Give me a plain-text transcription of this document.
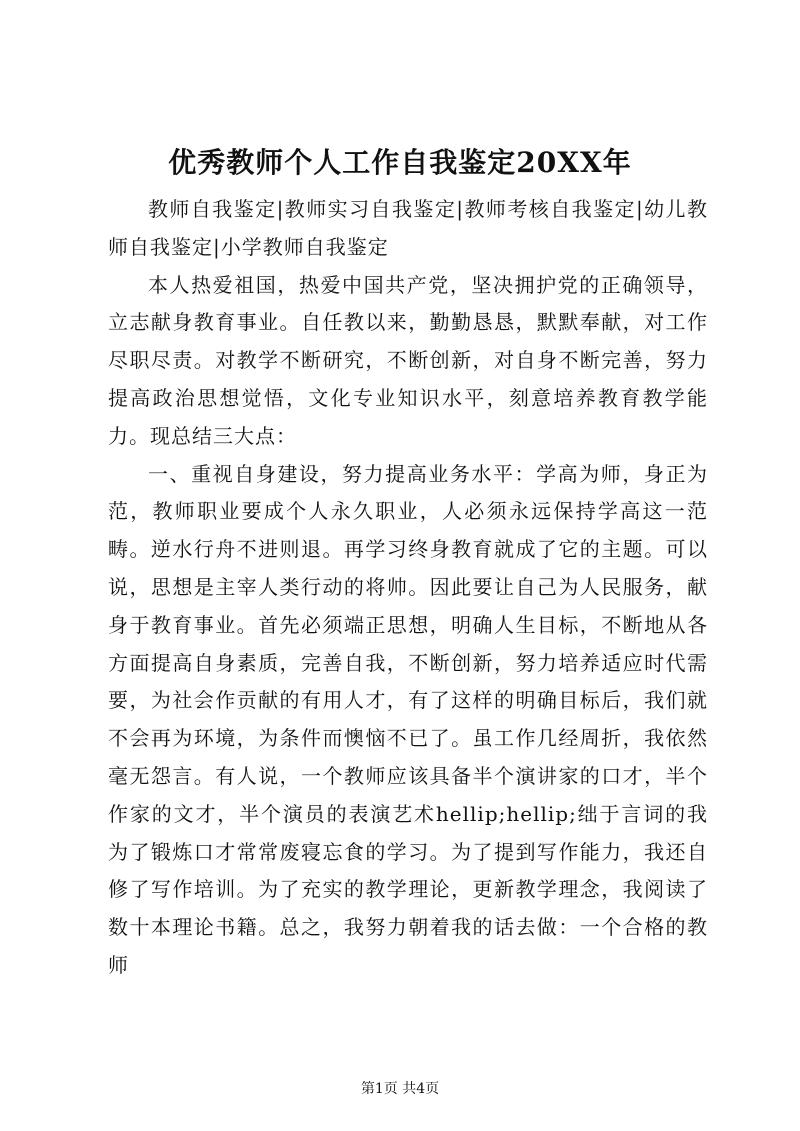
优秀教师个人工作自我鉴定20XX年

教师自我鉴定|教师实习自我鉴定|教师考核自我鉴定|幼儿教师自我鉴定|小学教师自我鉴定

本人热爱祖国，热爱中国共产党，坚决拥护党的正确领导，立志献身教育事业。自任教以来，勤勤恳恳，默默奉献，对工作尽职尽责。对教学不断研究，不断创新，对自身不断完善，努力提高政治思想觉悟，文化专业知识水平，刻意培养教育教学能力。现总结三大点：

一、重视自身建设，努力提高业务水平：学高为师，身正为范，教师职业要成个人永久职业，人必须永远保持学高这一范畴。逆水行舟不进则退。再学习终身教育就成了它的主题。可以说，思想是主宰人类行动的将帅。因此要让自己为人民服务，献身于教育事业。首先必须端正思想，明确人生目标，不断地从各方面提高自身素质，完善自我，不断创新，努力培养适应时代需要，为社会作贡献的有用人才，有了这样的明确目标后，我们就不会再为环境，为条件而懊恼不已了。虽工作几经周折，我依然毫无怨言。有人说，一个教师应该具备半个演讲家的口才，半个作家的文才，半个演员的表演艺术hellip;hellip;绌于言词的我为了锻炼口才常常废寝忘食的学习。为了提到写作能力，我还自修了写作培训。为了充实的教学理论，更新教学理念，我阅读了数十本理论书籍。总之，我努力朝着我的话去做：一个合格的教师

第1页 共4页
